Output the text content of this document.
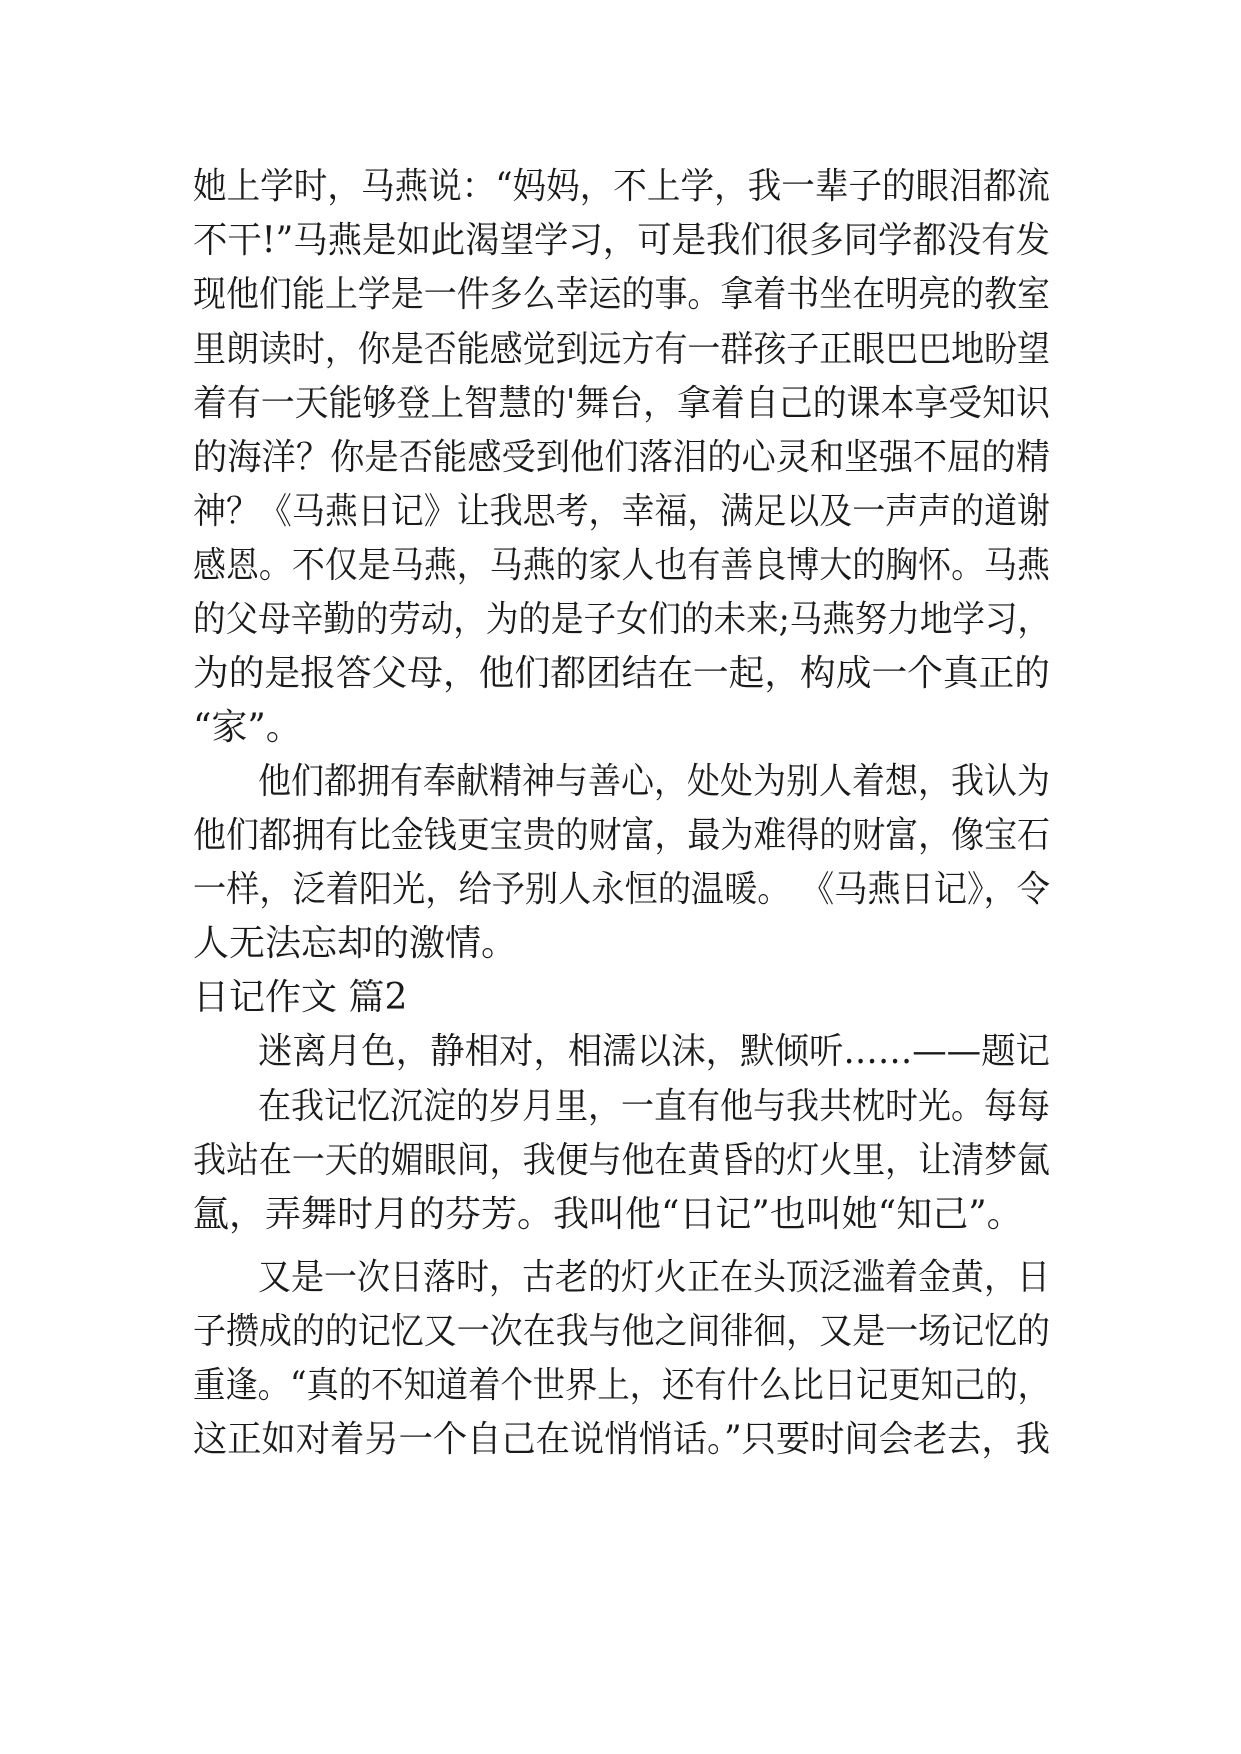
她上学时，马燕说：“妈妈，不上学，我一辈子的眼泪都流
不干!”马燕是如此渴望学习，可是我们很多同学都没有发
现他们能上学是一件多么幸运的事。拿着书坐在明亮的教室
里朗读时，你是否能感觉到远方有一群孩子正眼巴巴地盼望
着有一天能够登上智慧的'舞台，拿着自己的课本享受知识
的海洋？你是否能感受到他们落泪的心灵和坚强不屈的精
神？《马燕日记》让我思考，幸福，满足以及一声声的道谢
感恩。不仅是马燕，马燕的家人也有善良博大的胸怀。马燕
的父母辛勤的劳动，为的是子女们的未来;马燕努力地学习，
为的是报答父母，他们都团结在一起，构成一个真正的
“家”。
他们都拥有奉献精神与善心，处处为别人着想，我认为
他们都拥有比金钱更宝贵的财富，最为难得的财富，像宝石
一样，泛着阳光，给予别人永恒的温暖。 《马燕日记》，令
人无法忘却的激情。
日记作文 篇2
迷离月色，静相对，相濡以沫，默倾听……——题记
在我记忆沉淀的岁月里，一直有他与我共枕时光。每每
我站在一天的媚眼间，我便与他在黄昏的灯火里，让清梦氤
氲，弄舞时月的芬芳。我叫他“日记”也叫她“知己”。
又是一次日落时，古老的灯火正在头顶泛滥着金黄，日
子攒成的的记忆又一次在我与他之间徘徊，又是一场记忆的
重逢。“真的不知道着个世界上，还有什么比日记更知己的，
这正如对着另一个自己在说悄悄话。”只要时间会老去，我
